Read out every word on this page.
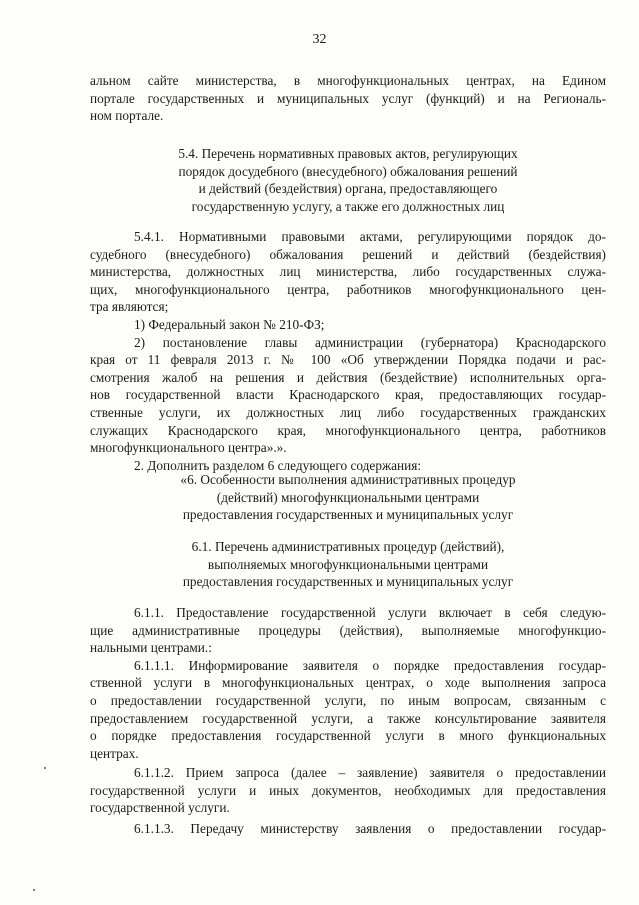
32

альном сайте министерства, в многофункциональных центрах, на Едином

портале государственных и муниципальных услуг (функций) и на Региональ-

ном портале.

5.4. Перечень нормативных правовых актов, регулирующих
порядок досудебного (внесудебного) обжалования решений
и действий (бездействия) органа, предоставляющего
государственную услугу, а также его должностных лиц

5.4.1. Нормативными правовыми актами, регулирующими порядок до-

судебного (внесудебного) обжалования решений и действий (бездействия)

министерства, должностных лиц министерства, либо государственных служа-

щих, многофункционального центра, работников многофункционального цен-

тра являются;

1) Федеральный закон № 210-ФЗ;

2) постановление главы администрации (губернатора) Краснодарского

края от 11 февраля 2013 г. № 100 «Об утверждении Порядка подачи и рас-

смотрения жалоб на решения и действия (бездействие) исполнительных орга-

нов государственной власти Краснодарского края, предоставляющих государ-

ственные услуги, их должностных лиц либо государственных гражданских

служащих Краснодарского края, многофункционального центра, работников

многофункционального центра».».

2. Дополнить разделом 6 следующего содержания:

«6. Особенности выполнения административных процедур
(действий) многофункциональными центрами
предоставления государственных и муниципальных услуг
6.1. Перечень административных процедур (действий),
выполняемых многофункциональными центрами
предоставления государственных и муниципальных услуг

6.1.1. Предоставление государственной услуги включает в себя следую-

щие административные процедуры (действия), выполняемые многофункцио-

нальными центрами.:

6.1.1.1. Информирование заявителя о порядке предоставления государ-

ственной услуги в многофункциональных центрах, о ходе выполнения запроса

о предоставлении государственной услуги, по иным вопросам, связанным с

предоставлением государственной услуги, а также консультирование заявителя

о порядке предоставления государственной услуги в много функциональных

центрах.

6.1.1.2. Прием запроса (далее – заявление) заявителя о предоставлении

государственной услуги и иных документов, необходимых для предоставления

государственной услуги.

6.1.1.3. Передачу министерству заявления о предоставлении государ-
